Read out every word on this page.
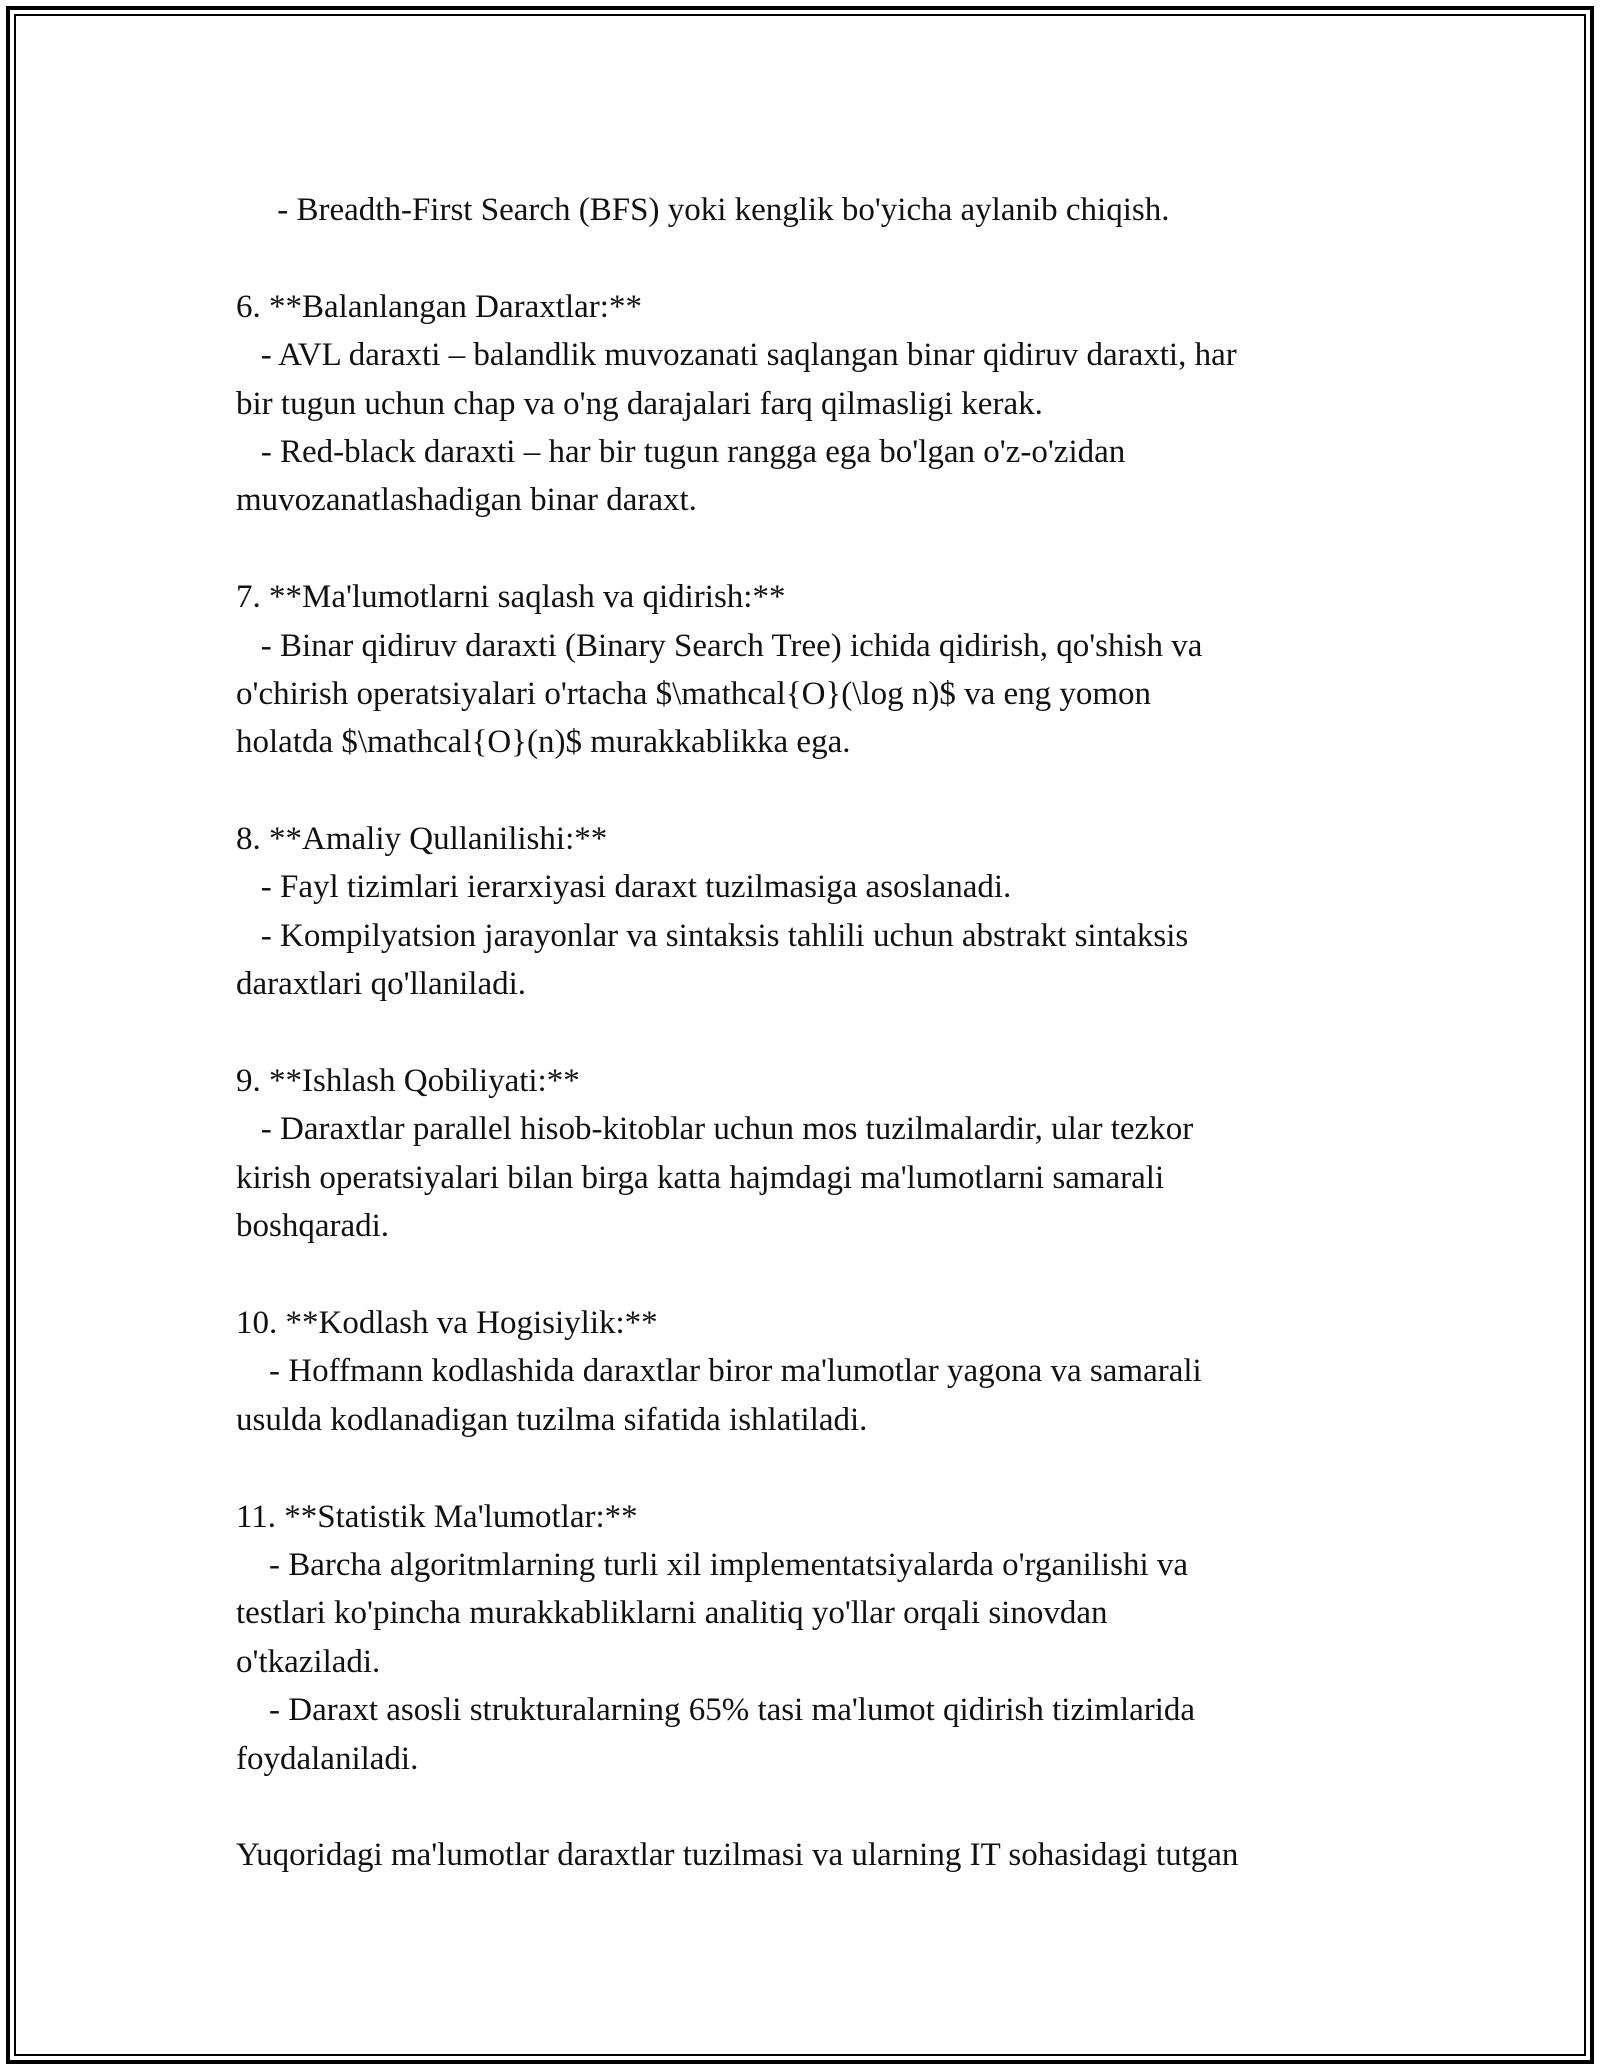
- Breadth-First Search (BFS) yoki kenglik bo'yicha aylanib chiqish.
6. **Balanlangan Daraxtlar:**
- AVL daraxti – balandlik muvozanati saqlangan binar qidiruv daraxti, har
bir tugun uchun chap va o'ng darajalari farq qilmasligi kerak.
- Red-black daraxti – har bir tugun rangga ega bo'lgan o'z-o'zidan
muvozanatlashadigan binar daraxt.
7. **Ma'lumotlarni saqlash va qidirish:**
- Binar qidiruv daraxti (Binary Search Tree) ichida qidirish, qo'shish va
o'chirish operatsiyalari o'rtacha $\mathcal{O}(\log n)$ va eng yomon
holatda $\mathcal{O}(n)$ murakkablikka ega.
8. **Amaliy Qullanilishi:**
- Fayl tizimlari ierarxiyasi daraxt tuzilmasiga asoslanadi.
- Kompilyatsion jarayonlar va sintaksis tahlili uchun abstrakt sintaksis
daraxtlari qo'llaniladi.
9. **Ishlash Qobiliyati:**
- Daraxtlar parallel hisob-kitoblar uchun mos tuzilmalardir, ular tezkor
kirish operatsiyalari bilan birga katta hajmdagi ma'lumotlarni samarali
boshqaradi.
10. **Kodlash va Hogisiylik:**
- Hoffmann kodlashida daraxtlar biror ma'lumotlar yagona va samarali
usulda kodlanadigan tuzilma sifatida ishlatiladi.
11. **Statistik Ma'lumotlar:**
- Barcha algoritmlarning turli xil implementatsiyalarda o'rganilishi va
testlari ko'pincha murakkabliklarni analitiq yo'llar orqali sinovdan
o'tkaziladi.
- Daraxt asosli strukturalarning 65% tasi ma'lumot qidirish tizimlarida
foydalaniladi.
Yuqoridagi ma'lumotlar daraxtlar tuzilmasi va ularning IT sohasidagi tutgan
